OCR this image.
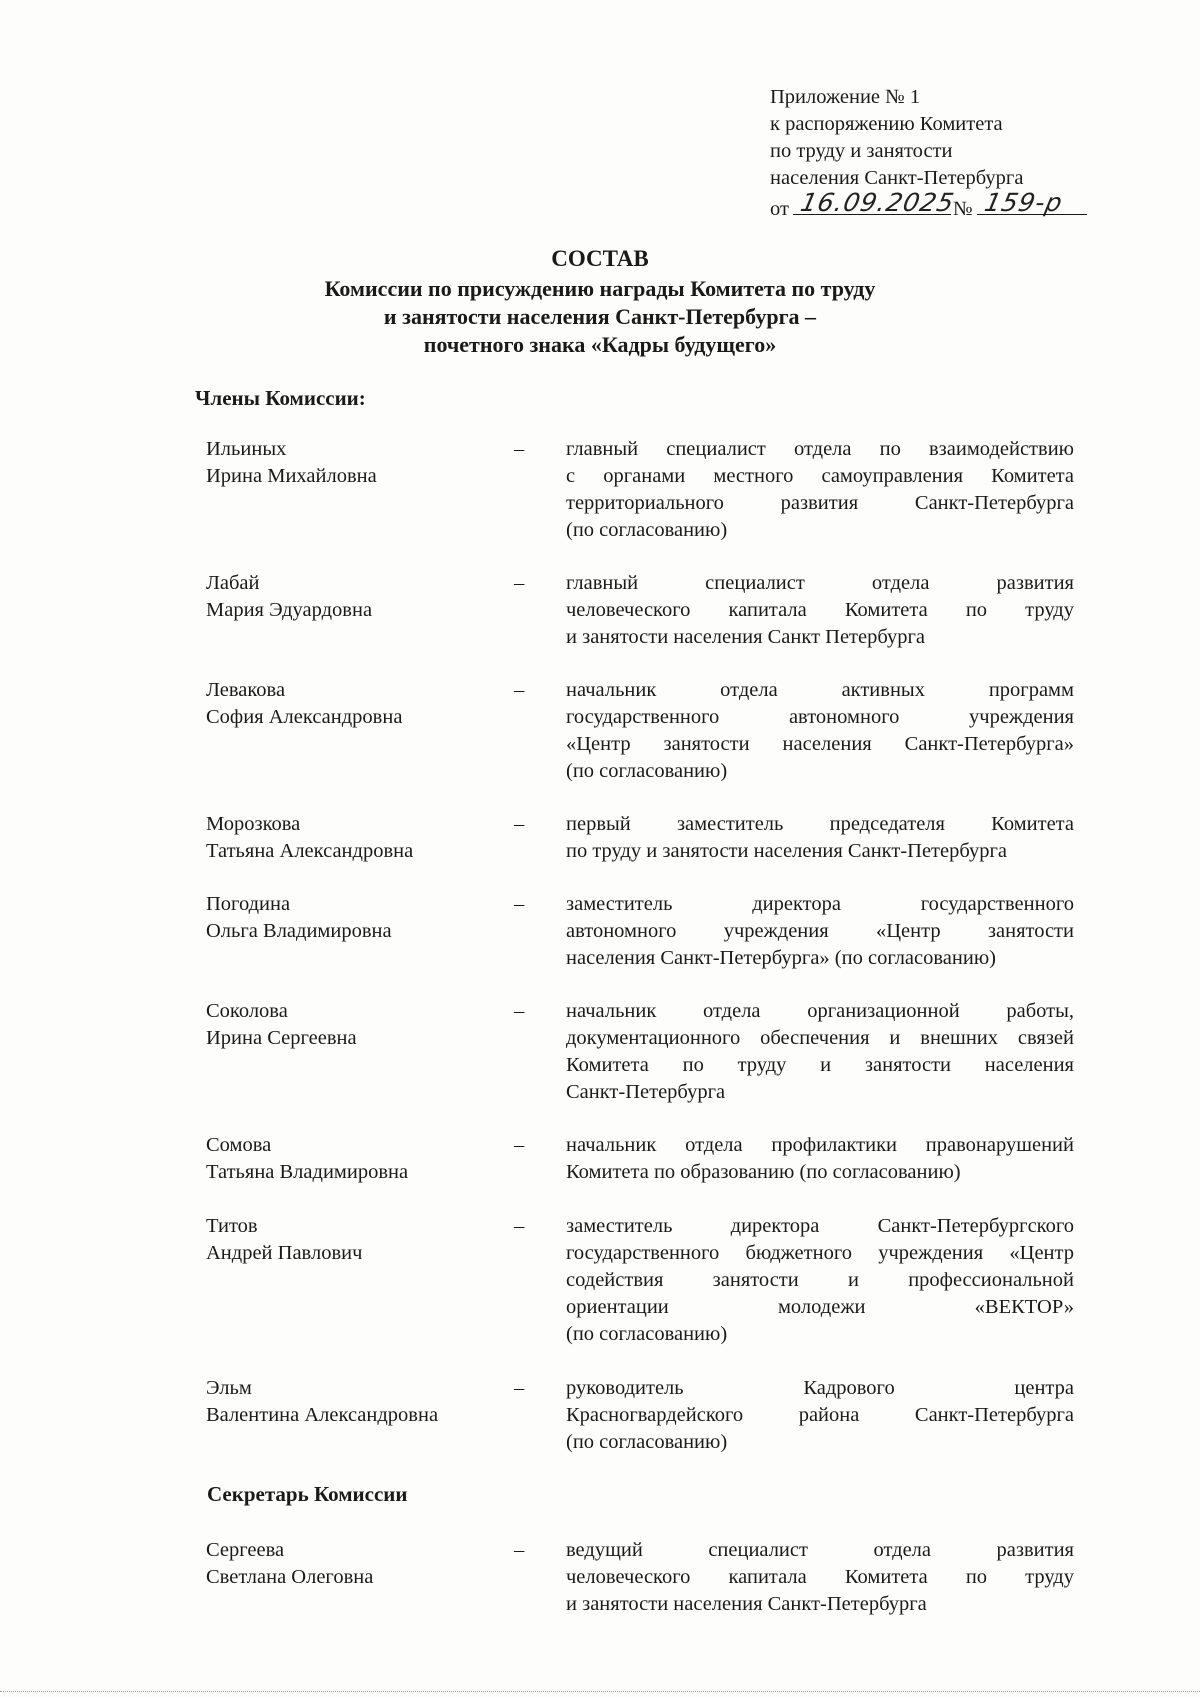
Приложение № 1
к распоряжению Комитета
по труду и занятости
населения Санкт-Петербурга
от 16.09.2025
№ 159-р
СОСТАВ
Комиссии по присуждению награды Комитета по труду
и занятости населения Санкт-Петербурга –
почетного знака «Кадры будущего»
Члены Комиссии:
Ильиных
Ирина Михайловна
– главный специалист отдела по взаимодействию
с органами местного самоуправления Комитета
территориального развития Санкт-Петербурга
(по согласованию)
Лабай
Мария Эдуардовна
– главный специалист отдела развития
человеческого капитала Комитета по труду
и занятости населения Санкт Петербурга
Левакова
София Александровна
– начальник отдела активных программ
государственного автономного учреждения
«Центр занятости населения Санкт-Петербурга»
(по согласованию)
Морозкова
Татьяна Александровна
– первый заместитель председателя Комитета
по труду и занятости населения Санкт-Петербурга
Погодина
Ольга Владимировна
– заместитель директора государственного
автономного учреждения «Центр занятости
населения Санкт-Петербурга» (по согласованию)
Соколова
Ирина Сергеевна
– начальник отдела организационной работы,
документационного обеспечения и внешних связей
Комитета по труду и занятости населения
Санкт-Петербурга
Сомова
Татьяна Владимировна
– начальник отдела профилактики правонарушений
Комитета по образованию (по согласованию)
Титов
Андрей Павлович
– заместитель директора Санкт-Петербургского
государственного бюджетного учреждения «Центр
содействия занятости и профессиональной
ориентации молодежи «ВЕКТОР»
(по согласованию)
Эльм
Валентина Александровна
– руководитель Кадрового центра
Красногвардейского района Санкт-Петербурга
(по согласованию)
Секретарь Комиссии
Сергеева
Светлана Олеговна
– ведущий специалист отдела развития
человеческого капитала Комитета по труду
и занятости населения Санкт-Петербурга
